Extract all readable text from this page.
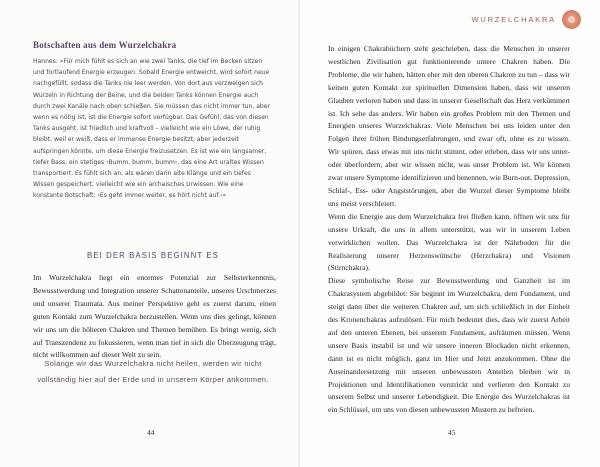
Botschaften aus dem Wurzelchakra

Hannes: »Für mich fühlt es sich an wie zwei Tanks, die tief im Becken sitzen und fortlaufend Energie erzeugen. Sobald Energie entweicht, wird sofort neue nachgefüllt, sodass die Tanks nie leer werden. Von dort aus verzweigen sich Wurzeln in Richtung der Beine, und die beiden Tanks können Energie auch durch zwei Kanäle nach oben schießen. Sie müssen das nicht immer tun, aber wenn es nötig ist, ist die Energie sofort verfügbar. Das Gefühl, das von diesen Tanks ausgeht, ist friedlich und kraftvoll – vielleicht wie ein Löwe, der ruhig bleibt, weil er weiß, dass er immense Energie besitzt, aber jederzeit aufspringen könnte, um diese Energie freizusetzen. Es ist wie ein langsamer, tiefer Bass, ein stetiges ›Bumm, bumm, bumm‹, das eine Art uraltes Wissen transportiert. Es fühlt sich an, als wären darin alte Klänge und ein tiefes Wissen gespeichert, vielleicht wie ein archaisches Urwissen. Wie eine konstante Botschaft: ›Es geht immer weiter, es hört nicht auf.‹«

BEI DER BASIS BEGINNT ES
Im Wurzelchakra liegt ein enormes Potenzial zur Selbsterkenntnis, Bewusstwerdung und Integration unserer Schattenanteile, unseres Urschmerzes und unserer Traumata. Aus meiner Perspektive geht es zuerst darum, einen guten Kontakt zum Wurzelchakra herzustellen. Wenn uns dies gelingt, können wir uns um die höheren Chakren und Themen bemühen. Es bringt wenig, sich auf Transzendenz zu fokussieren, wenn man tief in sich die Überzeugung trägt, nicht willkommen auf dieser Welt zu sein.
Solange wir das Wurzelchakra nicht heilen, werden wir nicht vollständig hier auf der Erde und in unserem Körper ankommen.
44
WURZELCHAKRA

In einigen Chakrabüchern steht geschrieben, dass die Menschen in unserer westlichen Zivilisation gut funktionierende untere Chakren haben. Die Probleme, die wir haben, hätten eher mit den oberen Chakren zu tun – dass wir keinen guten Kontakt zur spirituellen Dimension haben, dass wir unseren Glauben verloren haben und dass in unserer Gesellschaft das Herz verkümmert ist. Ich sehe das anders. Wir haben ein großes Problem mit den Themen und Energien unseres Wurzelchakras. Viele Menschen bei uns leiden unter den Folgen ihrer frühen Bindungserfahrungen, und zwar oft, ohne es zu wissen. Wir spüren, dass etwas mit uns nicht stimmt, oder erleben, dass wir uns unter- oder überfordern, aber wir wissen nicht, was unser Problem ist. Wir können zwar unsere Symptome identifizieren und benennen, wie Burn-out, Depression, Schlaf-, Ess- oder Angststörungen, aber die Wurzel dieser Symptome bleibt uns meist verschleiert.

Wenn die Energie aus dem Wurzelchakra frei fließen kann, öffnen wir uns für unsere Urkraft, die uns in allem unterstützt, was wir in unserem Leben verwirklichen wollen. Das Wurzelchakra ist der Nährboden für die Realisierung unserer Herzenswünsche (Herzchakra) und Visionen (Stirnchakra).

Diese symbolische Reise zur Bewusstwerdung und Ganzheit ist im Chakrasystem abgebildet: Sie beginnt im Wurzelchakra, dem Fundament, und steigt dann über die weiteren Chakren auf, um sich schließlich in der Einheit des Kronenchakras aufzulösen. Für mich bedeutet dies, dass wir zuerst Arbeit auf den unteren Ebenen, bei unserem Fundament, aufräumen müssen. Wenn unsere Basis instabil ist und wir unsere inneren Blockaden nicht erkennen, dann ist es nicht möglich, ganz im Hier und Jetzt anzukommen. Ohne die Auseinandersetzung mit unseren unbewussten Anteilen bleiben wir in Projektionen und Identifikationen verstrickt und verlieren den Kontakt zu unserem Selbst und unserer Lebendigkeit. Die Energie des Wurzelchakras ist ein Schlüssel, um uns von diesen unbewussten Mustern zu befreien.

45
